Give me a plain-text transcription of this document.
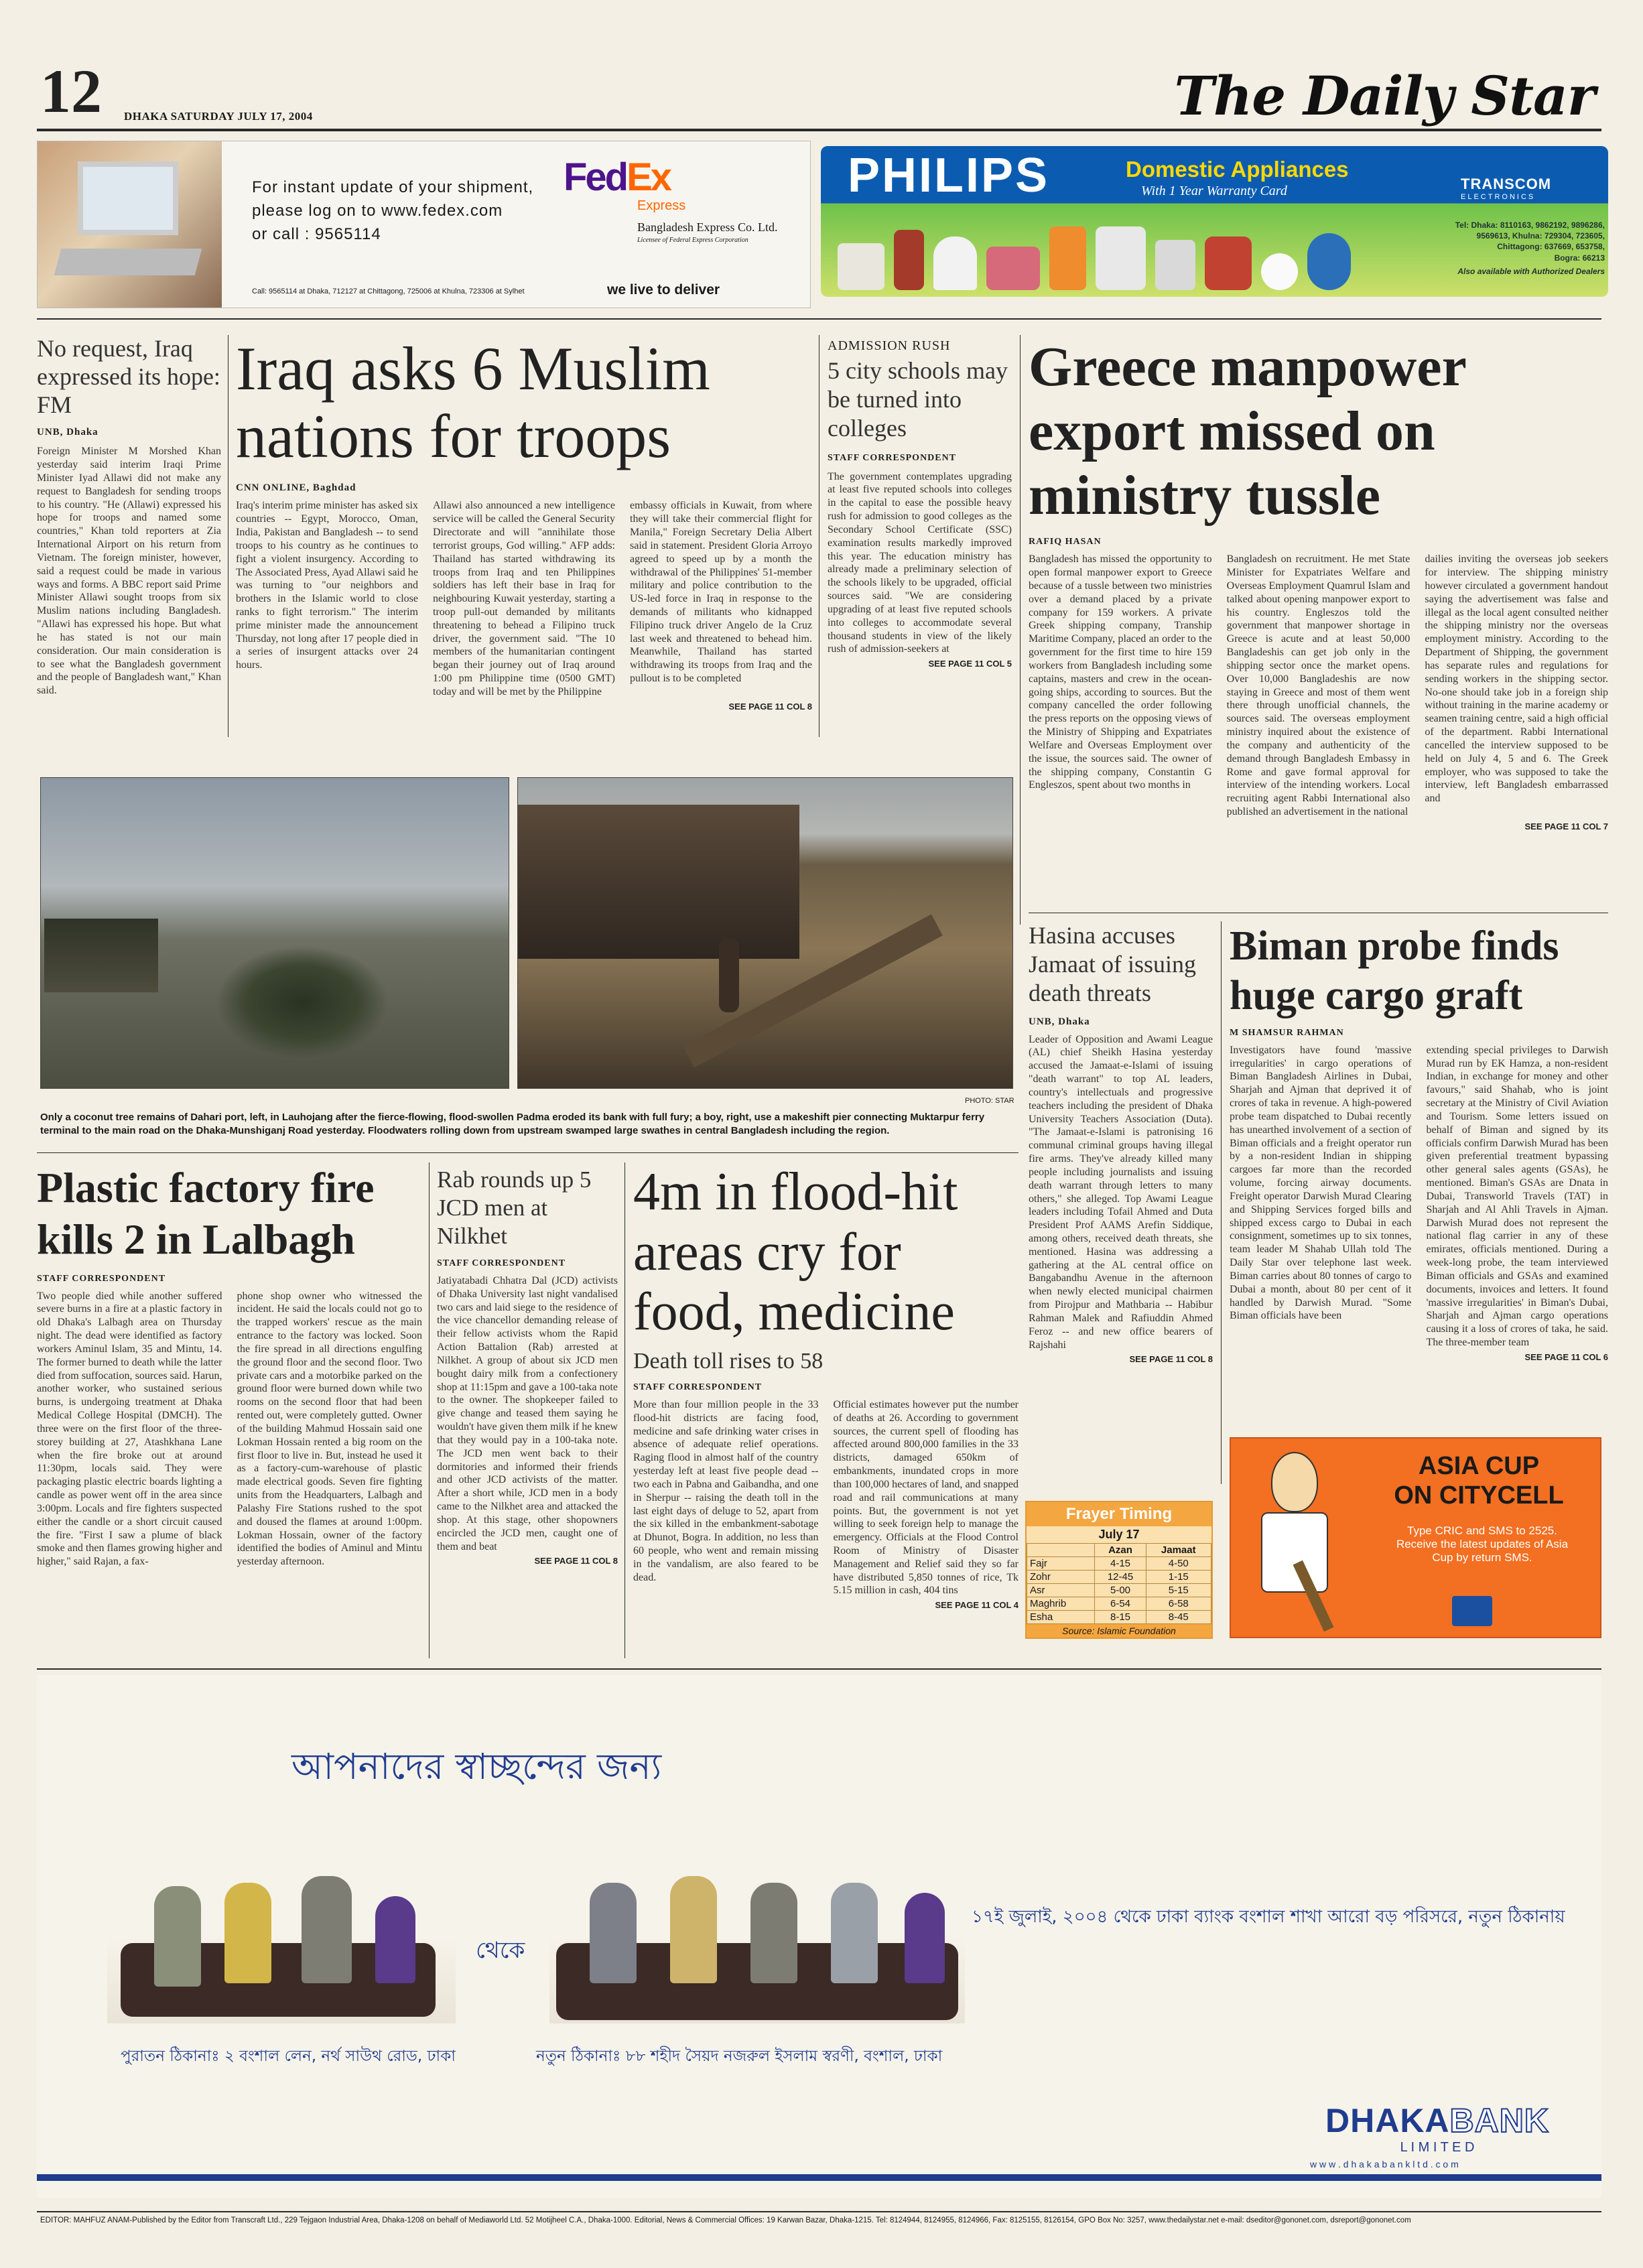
12 DHAKA SATURDAY JULY 17, 2004	The Daily Star
For instant update of your shipment,
please log on to www.fedex.com
or call : 9565114
FedEx
Express
Bangladesh Express Co. Ltd.
Licensee of Federal Express Corporation
Call: 9565114 at Dhaka, 712127 at Chittagong, 725006 at Khulna, 723306 at Sylhet	we live to deliver
PHILIPS	Domestic Appliances
With 1 Year Warranty Card	TRANSCOM
ELECTRONICS
Tel: Dhaka: 8110163, 9862192, 9896286,
9569613, Khulna: 729304, 723605,
Chittagong: 637669, 653758,
Bogra: 66213
Also available with Authorized Dealers
No request, Iraq expressed its hope: FM
UNB, Dhaka
Foreign Minister M Morshed Khan yesterday said interim Iraqi Prime Minister Iyad Allawi did not make any request to Bangladesh for sending troops to his country. "He (Allawi) expressed his hope for troops and named some countries," Khan told reporters at Zia International Airport on his return from Vietnam. The foreign minister, however, said a request could be made in various ways and forms. A BBC report said Prime Minister Allawi sought troops from six Muslim nations including Bangladesh. "Allawi has expressed his hope. But what he has stated is not our main consideration. Our main consideration is to see what the Bangladesh government and the people of Bangladesh want," Khan said.
Iraq asks 6 Muslim nations for troops
CNN ONLINE, Baghdad
Iraq's interim prime minister has asked six countries -- Egypt, Morocco, Oman, India, Pakistan and Bangladesh -- to send troops to his country as he continues to fight a violent insurgency. According to The Associated Press, Ayad Allawi said he was turning to "our neighbors and brothers in the Islamic world to close ranks to fight terrorism." The interim prime minister made the announcement Thursday, not long after 17 people died in a series of insurgent attacks over 24 hours.
Allawi also announced a new intelligence service will be called the General Security Directorate and will "annihilate those terrorist groups, God willing." AFP adds: Thailand has started withdrawing its troops from Iraq and ten Philippines soldiers has left their base in Iraq for neighbouring Kuwait yesterday, starting a troop pull-out demanded by militants threatening to behead a Filipino truck driver, the government said. "The 10 members of the humanitarian contingent began their journey out of Iraq around 1:00 pm Philippine time (0500 GMT) today and will be met by the Philippine
embassy officials in Kuwait, from where they will take their commercial flight for Manila," Foreign Secretary Delia Albert said in statement. President Gloria Arroyo agreed to speed up by a month the withdrawal of the Philippines' 51-member military and police contribution to the US-led force in Iraq in response to the demands of militants who kidnapped Filipino truck driver Angelo de la Cruz last week and threatened to behead him. Meanwhile, Thailand has started withdrawing its troops from Iraq and the pullout is to be completed
SEE PAGE 11 COL 8
ADMISSION RUSH
5 city schools may be turned into colleges
STAFF CORRESPONDENT
The government contemplates upgrading at least five reputed schools into colleges in the capital to ease the possible heavy rush for admission to good colleges as the Secondary School Certificate (SSC) examination results markedly improved this year. The education ministry has already made a preliminary selection of the schools likely to be upgraded, official sources said. "We are considering upgrading of at least five reputed schools into colleges to accommodate several thousand students in view of the likely rush of admission-seekers at
SEE PAGE 11 COL 5
Greece manpower export missed on ministry tussle
RAFIQ HASAN
Bangladesh has missed the opportunity to open formal manpower export to Greece because of a tussle between two ministries over a demand placed by a private company for 159 workers. A private Greek shipping company, Tranship Maritime Company, placed an order to the government for the first time to hire 159 workers from Bangladesh including some captains, masters and crew in the ocean-going ships, according to sources. But the company cancelled the order following the press reports on the opposing views of the Ministry of Shipping and Expatriates Welfare and Overseas Employment over the issue, the sources said. The owner of the shipping company, Constantin G Engleszos, spent about two months in
Bangladesh on recruitment. He met State Minister for Expatriates Welfare and Overseas Employment Quamrul Islam and talked about opening manpower export to his country. Engleszos told the government that manpower shortage in Greece is acute and at least 50,000 Bangladeshis can get job only in the shipping sector once the market opens. Over 10,000 Bangladeshis are now staying in Greece and most of them went there through unofficial channels, the sources said. The overseas employment ministry inquired about the existence of the company and authenticity of the demand through Bangladesh Embassy in Rome and gave formal approval for interview of the intending workers. Local recruiting agent Rabbi International also published an advertisement in the national
dailies inviting the overseas job seekers for interview. The shipping ministry however circulated a government handout saying the advertisement was false and illegal as the local agent consulted neither the shipping ministry nor the overseas employment ministry. According to the Department of Shipping, the government has separate rules and regulations for sending workers in the shipping sector. No-one should take job in a foreign ship without training in the marine academy or seamen training centre, said a high official of the department. Rabbi International cancelled the interview supposed to be held on July 4, 5 and 6. The Greek employer, who was supposed to take the interview, left Bangladesh embarrassed and
SEE PAGE 11 COL 7
PHOTO: STAR
Only a coconut tree remains of Dahari port, left, in Lauhojang after the fierce-flowing, flood-swollen Padma eroded its bank with full fury; a boy, right, use a makeshift pier connecting Muktarpur ferry terminal to the main road on the Dhaka-Munshiganj Road yesterday. Floodwaters rolling down from upstream swamped large swathes in central Bangladesh including the region.
Hasina accuses Jamaat of issuing death threats
UNB, Dhaka
Leader of Opposition and Awami League (AL) chief Sheikh Hasina yesterday accused the Jamaat-e-Islami of issuing "death warrant" to top AL leaders, country's intellectuals and progressive teachers including the president of Dhaka University Teachers Association (Duta). "The Jamaat-e-Islami is patronising 16 communal criminal groups having illegal fire arms. They've already killed many people including journalists and issuing death warrant through letters to many others," she alleged. Top Awami League leaders including Tofail Ahmed and Duta President Prof AAMS Arefin Siddique, among others, received death threats, she mentioned. Hasina was addressing a gathering at the AL central office on Bangabandhu Avenue in the afternoon when newly elected municipal chairmen from Pirojpur and Mathbaria -- Habibur Rahman Malek and Rafiuddin Ahmed Feroz -- and new office bearers of Rajshahi
SEE PAGE 11 COL 8
Biman probe finds huge cargo graft
M SHAMSUR RAHMAN
Investigators have found 'massive irregularities' in cargo operations of Biman Bangladesh Airlines in Dubai, Sharjah and Ajman that deprived it of crores of taka in revenue. A high-powered probe team dispatched to Dubai recently has unearthed involvement of a section of Biman officials and a freight operator run by a non-resident Indian in shipping cargoes far more than the recorded volume, forcing airway documents. Freight operator Darwish Murad Clearing and Shipping Services forged bills and shipped excess cargo to Dubai in each consignment, sometimes up to six tonnes, team leader M Shahab Ullah told The Daily Star over telephone last week. Biman carries about 80 tonnes of cargo to Dubai a month, about 80 per cent of it handled by Darwish Murad. "Some Biman officials have been
extending special privileges to Darwish Murad run by EK Hamza, a non-resident Indian, in exchange for money and other favours," said Shahab, who is joint secretary at the Ministry of Civil Aviation and Tourism. Some letters issued on behalf of Biman and signed by its officials confirm Darwish Murad has been given preferential treatment bypassing other general sales agents (GSAs), he mentioned. Biman's GSAs are Dnata in Dubai, Transworld Travels (TAT) in Sharjah and Al Ahli Travels in Ajman. Darwish Murad does not represent the national flag carrier in any of these emirates, officials mentioned. During a week-long probe, the team interviewed Biman officials and GSAs and examined documents, invoices and letters. It found 'massive irregularities' in Biman's Dubai, Sharjah and Ajman cargo operations causing it a loss of crores of taka, he said. The three-member team
SEE PAGE 11 COL 6
Plastic factory fire kills 2 in Lalbagh
STAFF CORRESPONDENT
Two people died while another suffered severe burns in a fire at a plastic factory in old Dhaka's Lalbagh area on Thursday night. The dead were identified as factory workers Aminul Islam, 35 and Mintu, 14. The former burned to death while the latter died from suffocation, sources said. Harun, another worker, who sustained serious burns, is undergoing treatment at Dhaka Medical College Hospital (DMCH). The three were on the first floor of the three-storey building at 27, Atashkhana Lane when the fire broke out at around 11:30pm, locals said. They were packaging plastic electric boards lighting a candle as power went off in the area since 3:00pm. Locals and fire fighters suspected either the candle or a short circuit caused the fire. "First I saw a plume of black smoke and then flames growing higher and higher," said Rajan, a fax-
phone shop owner who witnessed the incident. He said the locals could not go to the trapped workers' rescue as the main entrance to the factory was locked. Soon the fire spread in all directions engulfing the ground floor and the second floor. Two private cars and a motorbike parked on the ground floor were burned down while two rooms on the second floor that had been rented out, were completely gutted. Owner of the building Mahmud Hossain said one Lokman Hossain rented a big room on the first floor to live in. But, instead he used it as a factory-cum-warehouse of plastic made electrical goods. Seven fire fighting units from the Headquarters, Lalbagh and Palashy Fire Stations rushed to the spot and doused the flames at around 1:00pm. Lokman Hossain, owner of the factory identified the bodies of Aminul and Mintu yesterday afternoon.
Rab rounds up 5 JCD men at Nilkhet
STAFF CORRESPONDENT
Jatiyatabadi Chhatra Dal (JCD) activists of Dhaka University last night vandalised two cars and laid siege to the residence of the vice chancellor demanding release of their fellow activists whom the Rapid Action Battalion (Rab) arrested at Nilkhet. A group of about six JCD men bought dairy milk from a confectionery shop at 11:15pm and gave a 100-taka note to the owner. The shopkeeper failed to give change and teased them saying he wouldn't have given them milk if he knew that they would pay in a 100-taka note. The JCD men went back to their dormitories and informed their friends and other JCD activists of the matter. After a short while, JCD men in a body came to the Nilkhet area and attacked the shop. At this stage, other shopowners encircled the JCD men, caught one of them and beat
SEE PAGE 11 COL 8
4m in flood-hit areas cry for food, medicine
Death toll rises to 58
STAFF CORRESPONDENT
More than four million people in the 33 flood-hit districts are facing food, medicine and safe drinking water crises in absence of adequate relief operations. Raging flood in almost half of the country yesterday left at least five people dead -- two each in Pabna and Gaibandha, and one in Sherpur -- raising the death toll in the last eight days of deluge to 52, apart from the six killed in the embankment-sabotage at Dhunot, Bogra. In addition, no less than 60 people, who went and remain missing in the vandalism, are also feared to be dead.
Official estimates however put the number of deaths at 26. According to government sources, the current spell of flooding has affected around 800,000 families in the 33 districts, damaged 650km of embankments, inundated crops in more than 100,000 hectares of land, and snapped road and rail communications at many points. But, the government is not yet willing to seek foreign help to manage the emergency. Officials at the Flood Control Room of Ministry of Disaster Management and Relief said they so far have distributed 5,850 tonnes of rice, Tk 5.15 million in cash, 404 tins
SEE PAGE 11 COL 4
Frayer Timing
July 17
	Azan	Jamaat
Fajr	4-15	4-50
Zohr	12-45	1-15
Asr	5-00	5-15
Maghrib	6-54	6-58
Esha	8-15	8-45
Source: Islamic Foundation
ASIA CUP
ON CITYCELL
Type CRIC and SMS to 2525. Receive the latest updates of Asia Cup by return SMS.
আপনাদের স্বাচ্ছন্দের জন্য
থেকে
১৭ই জুলাই, ২০০৪ থেকে ঢাকা ব্যাংক বংশাল শাখা আরো বড় পরিসরে, নতুন ঠিকানায়
পুরাতন ঠিকানাঃ ২ বংশাল লেন, নর্থ সাউথ রোড, ঢাকা	নতুন ঠিকানাঃ ৮৮ শহীদ সৈয়দ নজরুল ইসলাম স্বরণী, বংশাল, ঢাকা
DHAKABANK
L I M I T E D
w w w . d h a k a b a n k l t d . c o m
EDITOR: MAHFUZ ANAM-Published by the Editor from Transcraft Ltd., 229 Tejgaon Industrial Area, Dhaka-1208 on behalf of Mediaworld Ltd. 52 Motijheel C.A., Dhaka-1000. Editorial, News & Commercial Offices: 19 Karwan Bazar, Dhaka-1215. Tel: 8124944, 8124955, 8124966, Fax: 8125155, 8126154, GPO Box No: 3257, www.thedailystar.net e-mail: dseditor@gononet.com, dsreport@gononet.com
